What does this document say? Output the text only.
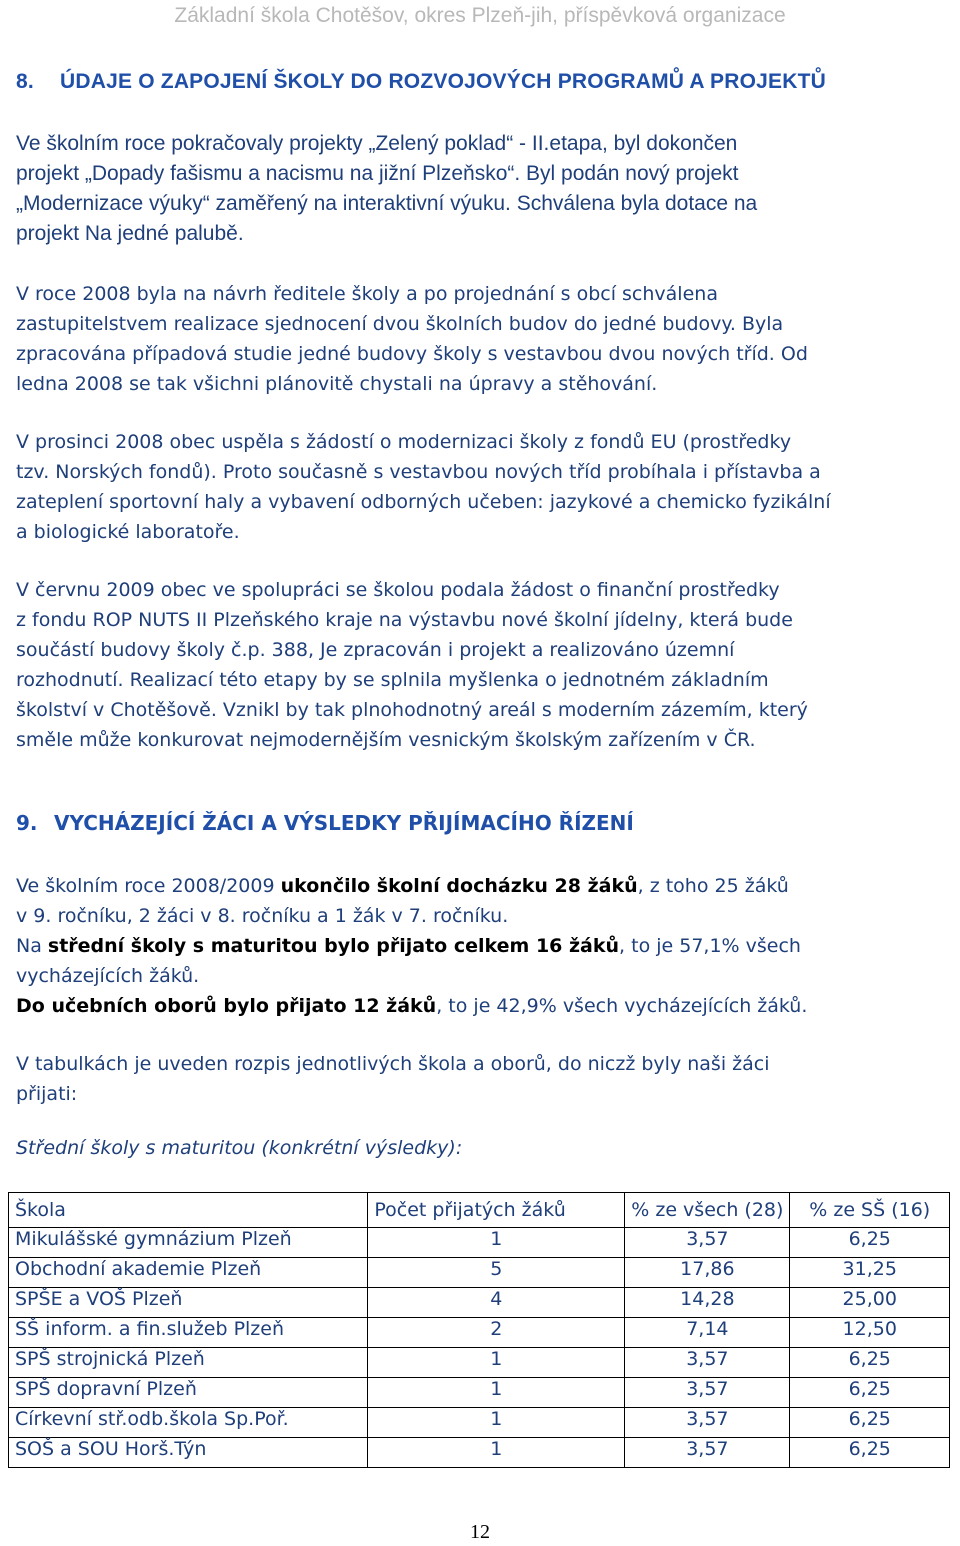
Základní škola Chotěšov, okres Plzeň-jih, příspěvková organizace
8. ÚDAJE O ZAPOJENÍ ŠKOLY DO ROZVOJOVÝCH PROGRAMŮ A PROJEKTŮ
Ve školním roce pokračovaly projekty „Zelený poklad“ - II.etapa, byl dokončen
projekt „Dopady fašismu a nacismu na jižní Plzeňsko“. Byl podán nový projekt
„Modernizace výuky“ zaměřený na interaktivní výuku. Schválena byla dotace na
projekt Na jedné palubě.
V roce 2008 byla na návrh ředitele školy a po projednání s obcí schválena
zastupitelstvem realizace sjednocení dvou školních budov do jedné budovy. Byla
zpracována případová studie jedné budovy školy s vestavbou dvou nových tříd. Od
ledna 2008 se tak všichni plánovitě chystali na úpravy a stěhování.
V prosinci 2008 obec uspěla s žádostí o modernizaci školy z fondů EU (prostředky
tzv. Norských fondů). Proto současně s vestavbou nových tříd probíhala i přístavba a
zateplení sportovní haly a vybavení odborných učeben: jazykové a chemicko fyzikální
a biologické laboratoře.
V červnu 2009 obec ve spolupráci se školou podala žádost o finanční prostředky
z fondu ROP NUTS II Plzeňského kraje na výstavbu nové školní jídelny, která bude
součástí budovy školy č.p. 388, Je zpracován i projekt a realizováno územní
rozhodnutí. Realizací této etapy by se splnila myšlenka o jednotném základním
školství v Chotěšově. Vznikl by tak plnohodnotný areál s moderním zázemím, který
směle může konkurovat nejmodernějším vesnickým školským zařízením v ČR.
9. VYCHÁZEJÍCÍ ŽÁCI A VÝSLEDKY PŘIJÍMACÍHO ŘÍZENÍ
Ve školním roce 2008/2009 ukončilo školní docházku 28 žáků, z toho 25 žáků
v 9. ročníku, 2 žáci v 8. ročníku a 1 žák v 7. ročníku.
Na střední školy s maturitou bylo přijato celkem 16 žáků, to je 57,1% všech
vycházejících žáků.
Do učebních oborů bylo přijato 12 žáků, to je 42,9% všech vycházejících žáků.
V tabulkách je uveden rozpis jednotlivých škola a oborů, do niczž byly naši žáci
přijati:
Střední školy s maturitou (konkrétní výsledky):
Škola	Počet přijatých žáků	% ze všech (28)	% ze SŠ (16)
Mikulášské gymnázium Plzeň	1	3,57	6,25
Obchodní akademie Plzeň	5	17,86	31,25
SPŠE a VOŠ Plzeň	4	14,28	25,00
SŠ inform. a fin.služeb Plzeň	2	7,14	12,50
SPŠ strojnická Plzeň	1	3,57	6,25
SPŠ dopravní Plzeň	1	3,57	6,25
Církevní stř.odb.škola Sp.Poř.	1	3,57	6,25
SOŠ a SOU Horš.Týn	1	3,57	6,25
12
